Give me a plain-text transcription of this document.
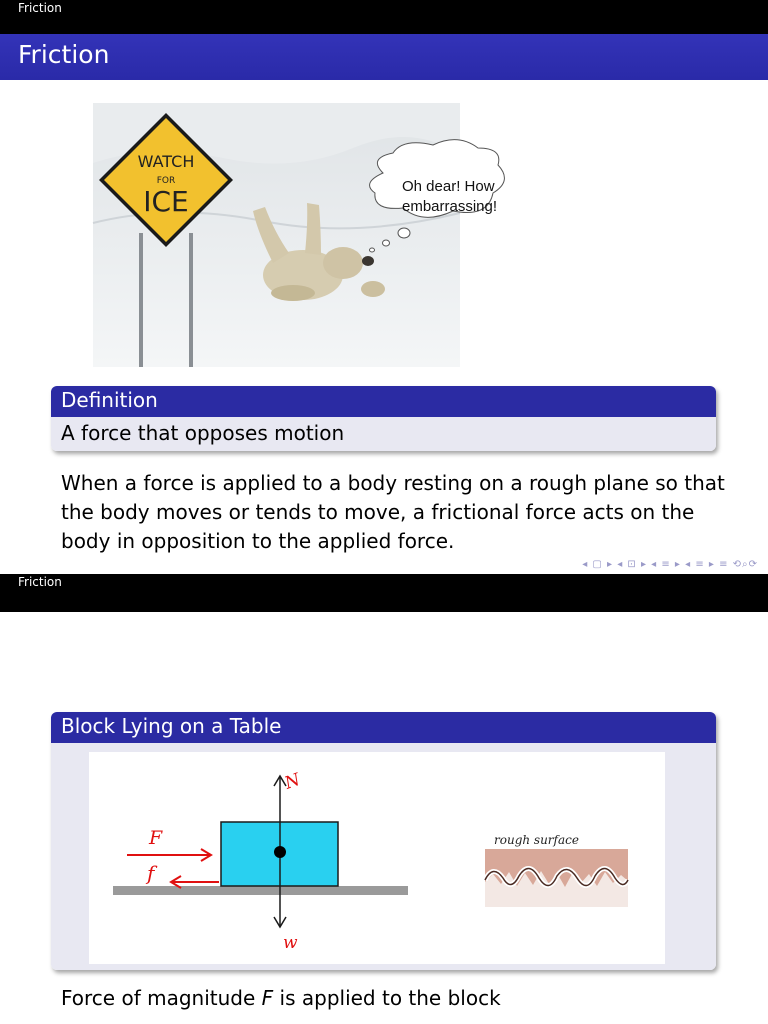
Friction
Friction
WATCH
FOR
ICE	Oh dear! How
embarrassing!
Definition
A force that opposes motion
When a force is applied to a body resting on a rough plane so that
the body moves or tends to move, a frictional force acts on the
body in opposition to the applied force.
◂ ▢ ▸ ◂ ⊡ ▸ ◂ ≡ ▸ ◂ ≡ ▸ ≡ ⟲⌕⟳
Friction
Block Lying on a Table
N
F
f
w
rough surface
Force of magnitude F is applied to the block
